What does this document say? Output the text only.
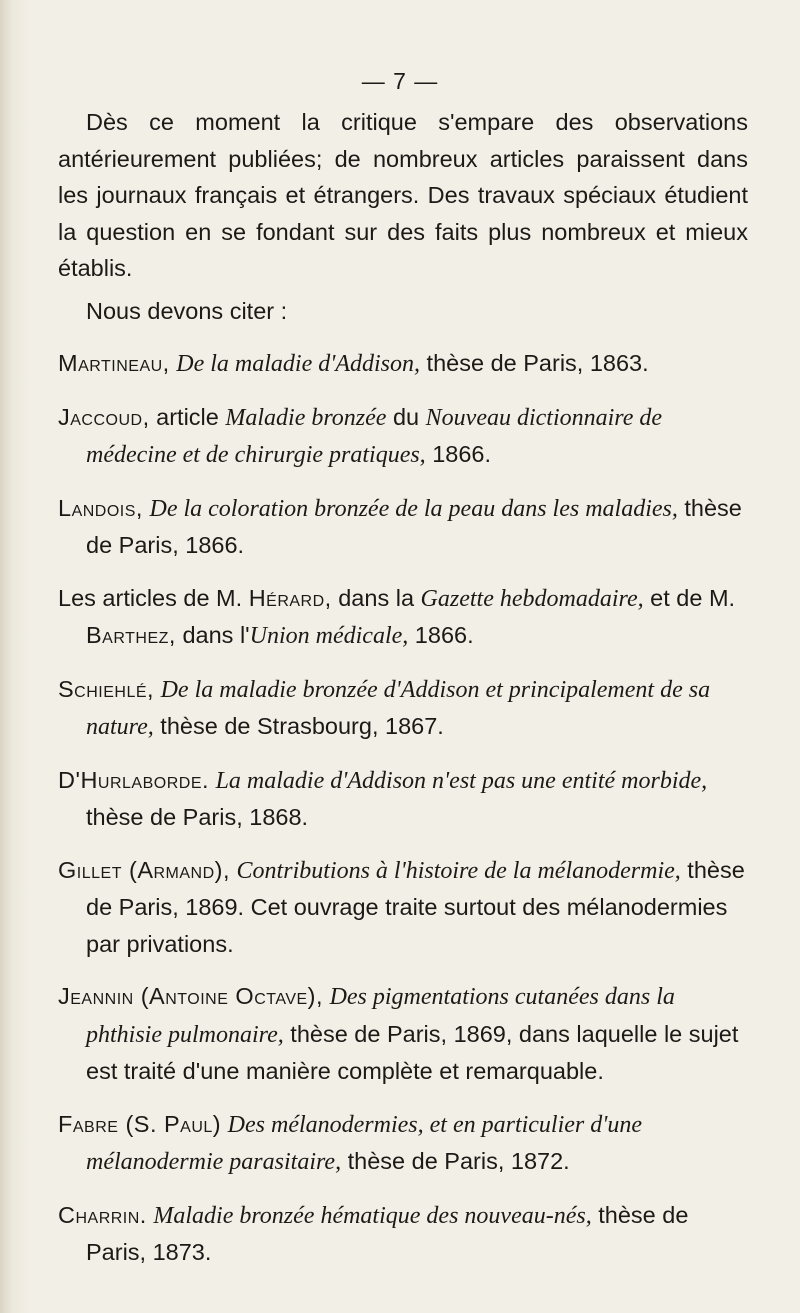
— 7 —

Dès ce moment la critique s'empare des observations antérieurement publiées; de nombreux articles paraissent dans les journaux français et étrangers. Des travaux spéciaux étudient la question en se fondant sur des faits plus nombreux et mieux établis.

Nous devons citer :

Martineau, De la maladie d'Addison, thèse de Paris, 1863.

Jaccoud, article Maladie bronzée du Nouveau dictionnaire de médecine et de chirurgie pratiques, 1866.

Landois, De la coloration bronzée de la peau dans les maladies, thèse de Paris, 1866.

Les articles de M. Hérard, dans la Gazette hebdomadaire, et de M. Barthez, dans l'Union médicale, 1866.

Schiehlé, De la maladie bronzée d'Addison et principalement de sa nature, thèse de Strasbourg, 1867.

D'Hurlaborde. La maladie d'Addison n'est pas une entité morbide, thèse de Paris, 1868.

Gillet (Armand), Contributions à l'histoire de la mélanodermie, thèse de Paris, 1869. Cet ouvrage traite surtout des mélanodermies par privations.

Jeannin (Antoine Octave), Des pigmentations cutanées dans la phthisie pulmonaire, thèse de Paris, 1869, dans laquelle le sujet est traité d'une manière complète et remarquable.

Fabre (S. Paul) Des mélanodermies, et en particulier d'une mélanodermie parasitaire, thèse de Paris, 1872.

Charrin. Maladie bronzée hématique des nouveau-nés, thèse de Paris, 1873.
